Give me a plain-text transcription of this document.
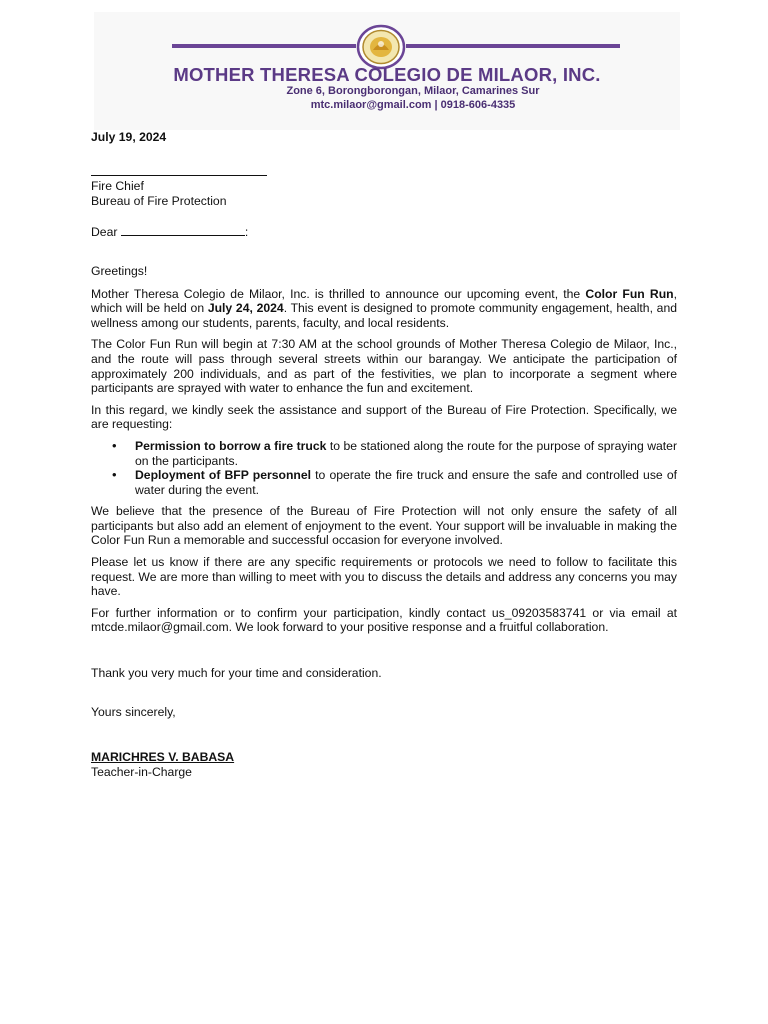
MOTHER THERESA COLEGIO DE MILAOR, INC.
Zone 6, Borongborongan, Milaor, Camarines Sur
mtc.milaor@gmail.com | 0918-606-4335

July 19, 2024

Fire Chief

Bureau of Fire Protection

Dear	:

Greetings!

Mother Theresa Colegio de Milaor, Inc. is thrilled to announce our upcoming event, the Color Fun Run, which will be held on July 24, 2024. This event is designed to promote community engagement, health, and wellness among our students, parents, faculty, and local residents.

The Color Fun Run will begin at 7:30 AM at the school grounds of Mother Theresa Colegio de Milaor, Inc., and the route will pass through several streets within our barangay. We anticipate the participation of approximately 200 individuals, and as part of the festivities, we plan to incorporate a segment where participants are sprayed with water to enhance the fun and excitement.

In this regard, we kindly seek the assistance and support of the Bureau of Fire Protection. Specifically, we are requesting:

• Permission to borrow a fire truck to be stationed along the route for the purpose of spraying water on the participants.
• Deployment of BFP personnel to operate the fire truck and ensure the safe and controlled use of water during the event.

We believe that the presence of the Bureau of Fire Protection will not only ensure the safety of all participants but also add an element of enjoyment to the event. Your support will be invaluable in making the Color Fun Run a memorable and successful occasion for everyone involved.

Please let us know if there are any specific requirements or protocols we need to follow to facilitate this request. We are more than willing to meet with you to discuss the details and address any concerns you may have.

For further information or to confirm your participation, kindly contact us_09203583741 or via email at mtcde.milaor@gmail.com. We look forward to your positive response and a fruitful collaboration.

Thank you very much for your time and consideration.

Yours sincerely,

MARICHRES V. BABASA

Teacher-in-Charge
